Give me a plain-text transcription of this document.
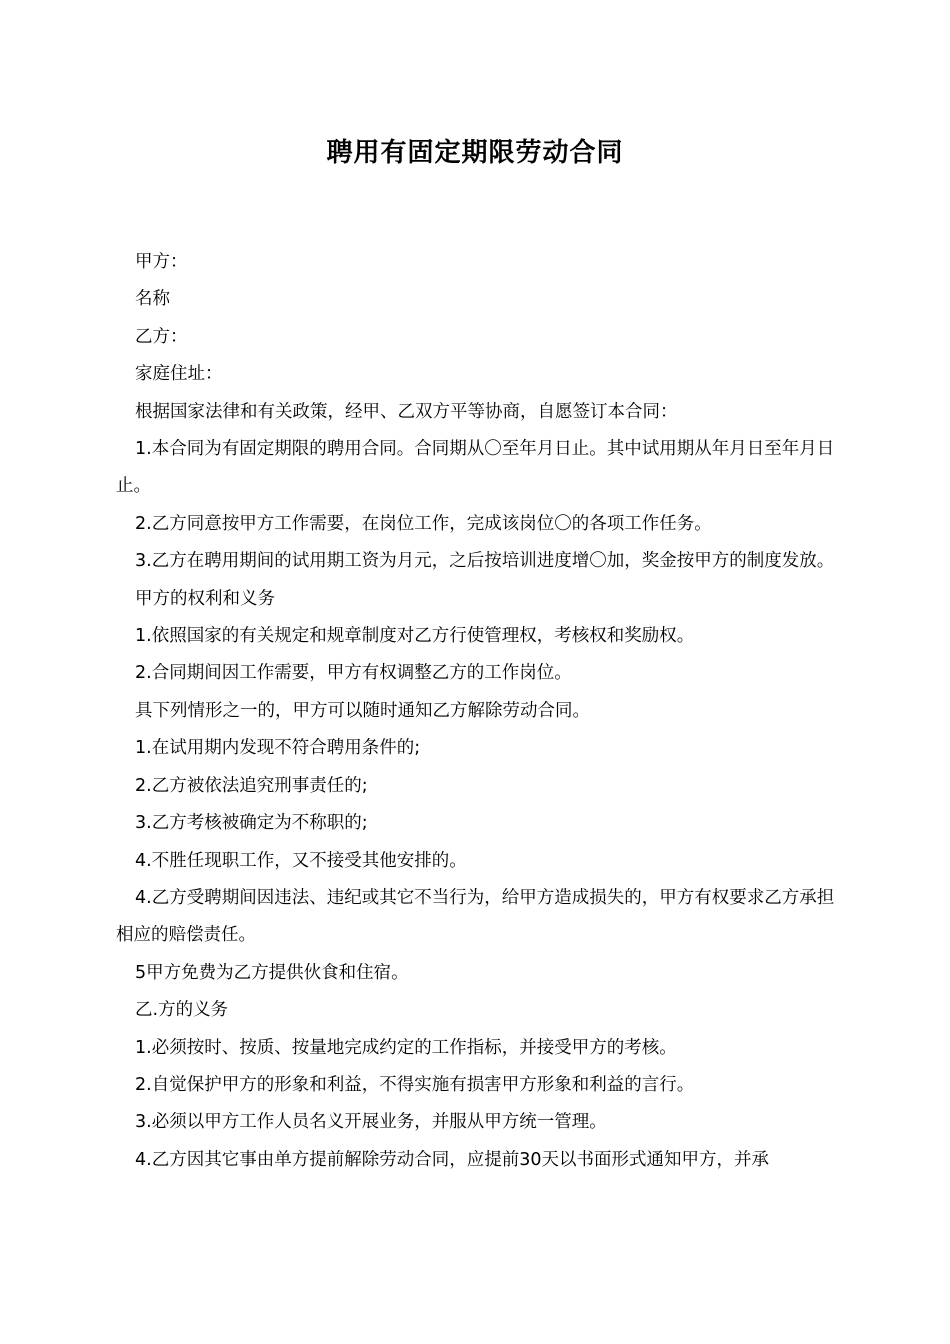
聘用有固定期限劳动合同

甲方：

名称

乙方：

家庭住址：

根据国家法律和有关政策，经甲、乙双方平等协商，自愿签订本合同：

1.本合同为有固定期限的聘用合同。合同期从〇至年月日止。其中试用期从年月日至年月日止。

2.乙方同意按甲方工作需要，在岗位工作，完成该岗位〇的各项工作任务。

3.乙方在聘用期间的试用期工资为月元，之后按培训进度增〇加，奖金按甲方的制度发放。

甲方的权利和义务

1.依照国家的有关规定和规章制度对乙方行使管理权，考核权和奖励权。

2.合同期间因工作需要，甲方有权调整乙方的工作岗位。

具下列情形之一的，甲方可以随时通知乙方解除劳动合同。

1.在试用期内发现不符合聘用条件的;

2.乙方被依法追究刑事责任的;

3.乙方考核被确定为不称职的;

4.不胜任现职工作，又不接受其他安排的。

4.乙方受聘期间因违法、违纪或其它不当行为，给甲方造成损失的，甲方有权要求乙方承担相应的赔偿责任。

5甲方免费为乙方提供伙食和住宿。

乙.方的义务

1.必须按时、按质、按量地完成约定的工作指标，并接受甲方的考核。

2.自觉保护甲方的形象和利益，不得实施有损害甲方形象和利益的言行。

3.必须以甲方工作人员名义开展业务，并服从甲方统一管理。

4.乙方因其它事由单方提前解除劳动合同，应提前30天以书面形式通知甲方，并承
